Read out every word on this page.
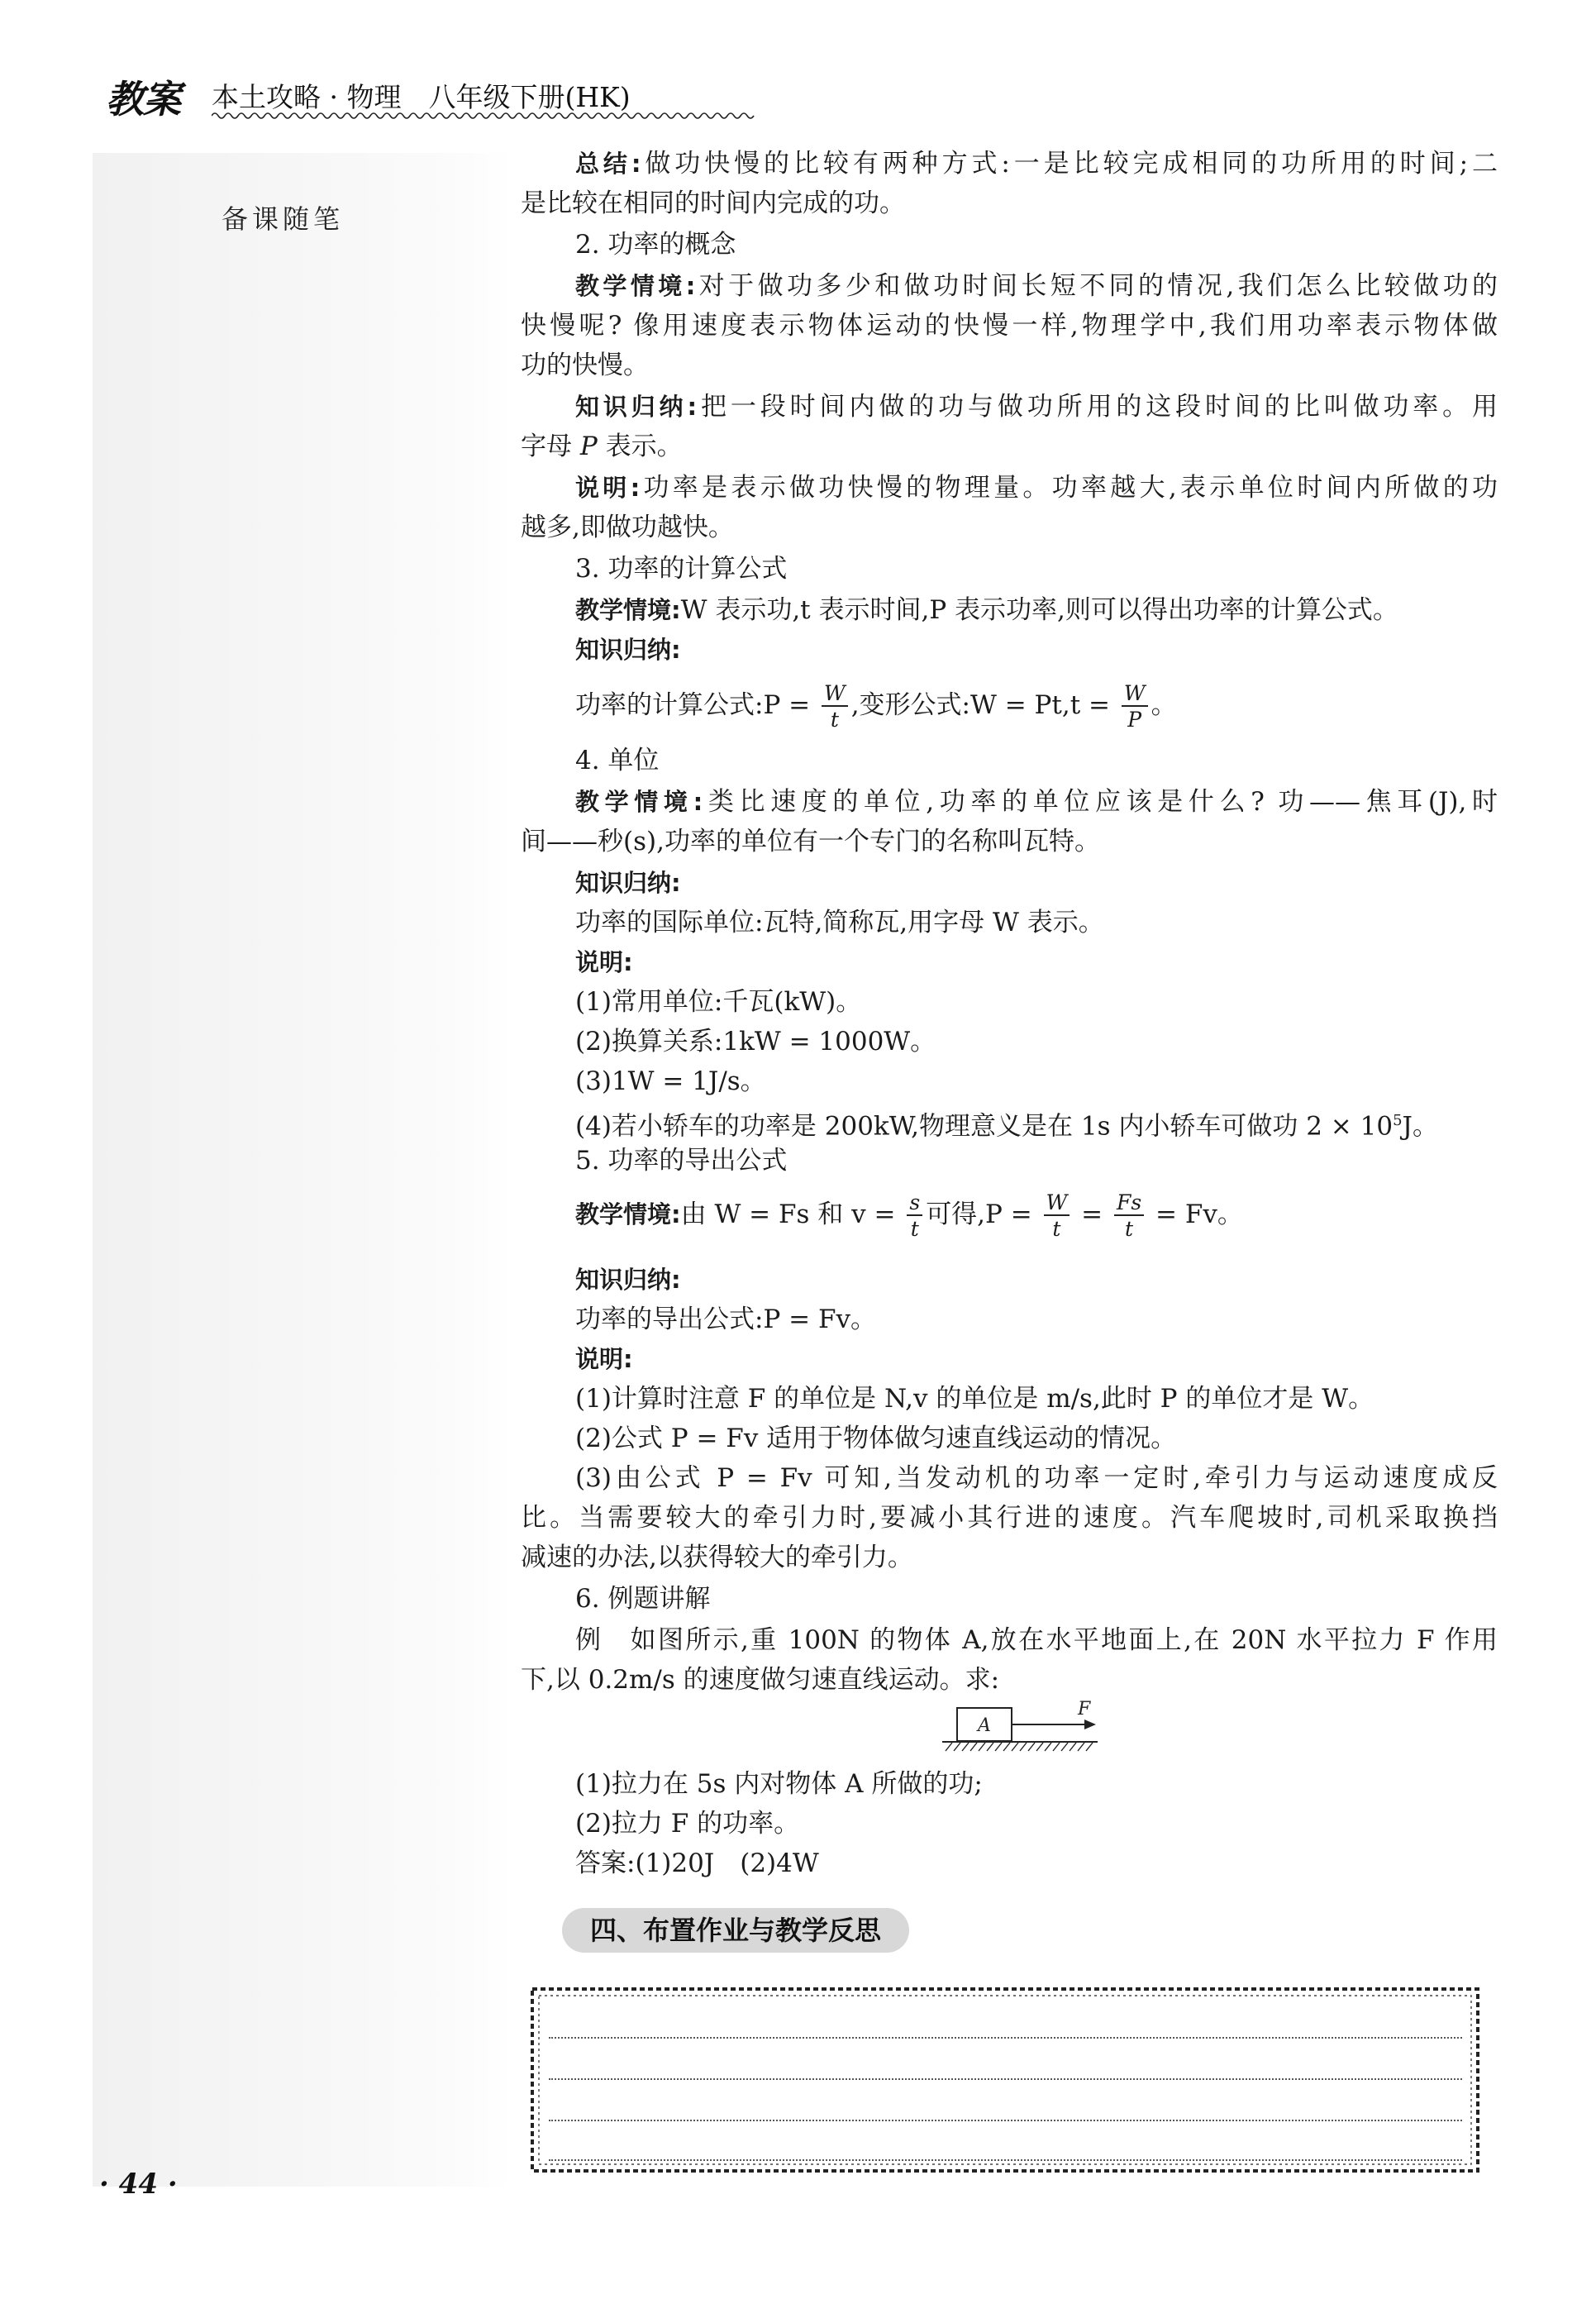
教案 本土攻略 · 物理　八年级下册(HK)
备课随笔
总结:做功快慢的比较有两种方式:一是比较完成相同的功所用的时间;二
是比较在相同的时间内完成的功。
2. 功率的概念
教学情境:对于做功多少和做功时间长短不同的情况,我们怎么比较做功的
快慢呢? 像用速度表示物体运动的快慢一样,物理学中,我们用功率表示物体做
功的快慢。
知识归纳:把一段时间内做的功与做功所用的这段时间的比叫做功率。用
字母 P 表示。
说明:功率是表示做功快慢的物理量。功率越大,表示单位时间内所做的功
越多,即做功越快。
3. 功率的计算公式
教学情境:W 表示功,t 表示时间,P 表示功率,则可以得出功率的计算公式。
知识归纳:
功率的计算公式:P = $\frac{W}{t}$ ,变形公式:W = $Pt,t = \frac{W}{P}$ 。
4. 单位
教学情境:类比速度的单位,功率的单位应该是什么? 功——焦耳(J),时
间——秒(s),功率的单位有一个专门的名称叫瓦特。
知识归纳:
功率的国际单位:瓦特,简称瓦,用字母 W 表示。
说明:
(1)常用单位:千瓦(kW)。
(2)换算关系:1kW = 1000W。
(3)1W = 1J/s。
(4)若小轿车的功率是 200kW,物理意义是在 1s 内小轿车可做功 $2 \times 10^5J$。
5. 功率的导出公式
教学情境:由 W = Fs 和 $v = \frac{s}{t}$ 可得$,P = \frac{W}{t} = \frac{Fs}{t} = Fv$。
知识归纳:
功率的导出公式:P = Fv。
说明:
(1)计算时注意 F 的单位是 N,v 的单位是 m/s,此时 P 的单位才是 W。
(2)公式 P = Fv 适用于物体做匀速直线运动的情况。
(3)由公式 P = Fv 可知,当发动机的功率一定时,牵引力与运动速度成反
比。当需要较大的牵引力时,要减小其行进的速度。汽车爬坡时,司机采取换挡
减速的办法,以获得较大的牵引力。
6. 例题讲解
例　如图所示,重 100N 的物体 A,放在水平地面上,在 20N 水平拉力 F 作用
下,以 0.2m/s 的速度做匀速直线运动。求:
(1)拉力在 5s 内对物体 A 所做的功;
(2)拉力 F 的功率。
答案:(1)20J　(2)4W
A
F
四、布置作业与教学反思
· 44 ·
